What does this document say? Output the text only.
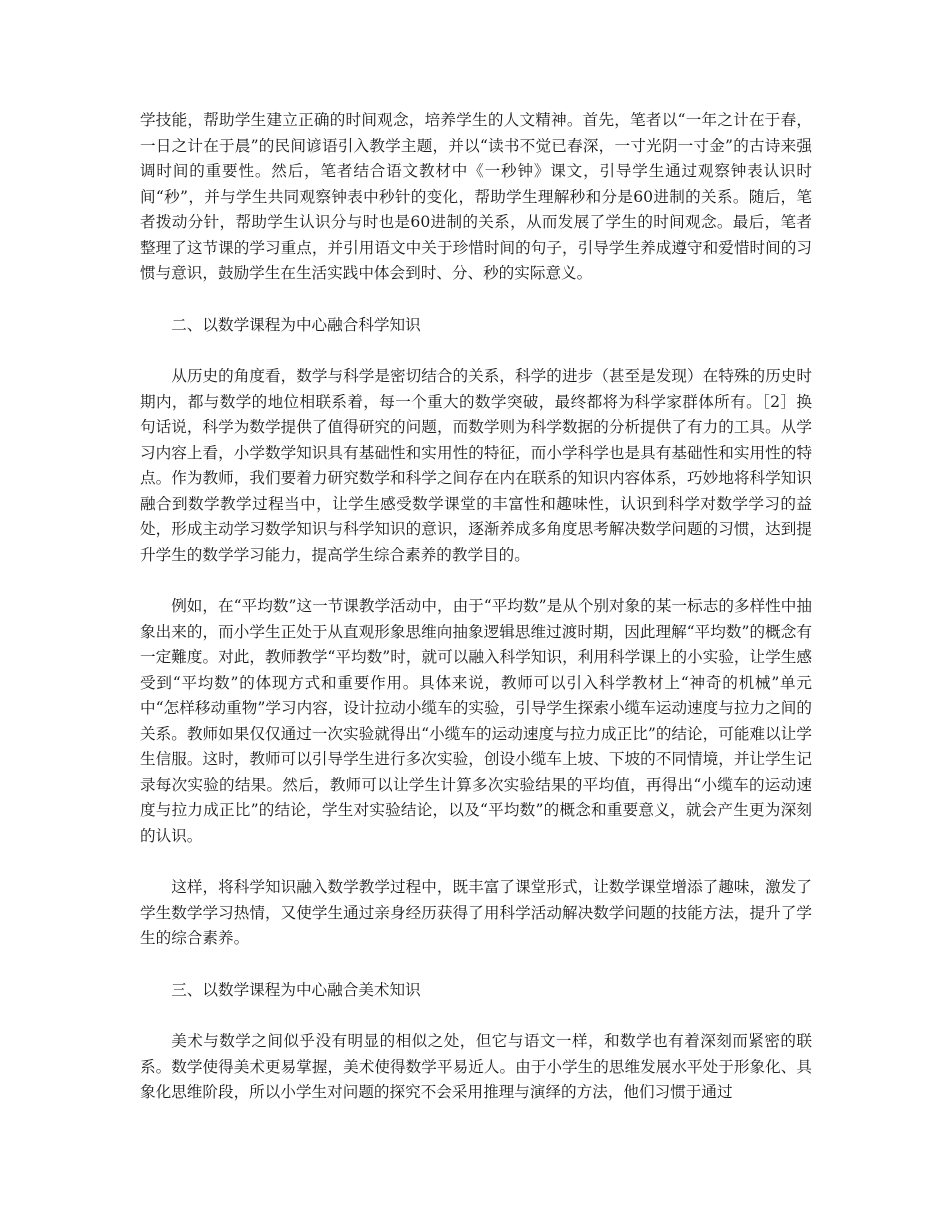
学技能，帮助学生建立正确的时间观念，培养学生的人文精神。首先，笔者以“一年之计在于春，一日之计在于晨”的民间谚语引入教学主题，并以“读书不觉已春深，一寸光阴一寸金”的古诗来强调时间的重要性。然后，笔者结合语文教材中《一秒钟》课文，引导学生通过观察钟表认识时间“秒”，并与学生共同观察钟表中秒针的变化，帮助学生理解秒和分是60进制的关系。随后，笔者拨动分针，帮助学生认识分与时也是60进制的关系，从而发展了学生的时间观念。最后，笔者整理了这节课的学习重点，并引用语文中关于珍惜时间的句子，引导学生养成遵守和爱惜时间的习惯与意识，鼓励学生在生活实践中体会到时、分、秒的实际意义。

二、以数学课程为中心融合科学知识

从历史的角度看，数学与科学是密切结合的关系，科学的进步（甚至是发现）在特殊的历史时期内，都与数学的地位相联系着，每一个重大的数学突破，最终都将为科学家群体所有。［2］换句话说，科学为数学提供了值得研究的问题，而数学则为科学数据的分析提供了有力的工具。从学习内容上看，小学数学知识具有基础性和实用性的特征，而小学科学也是具有基础性和实用性的特点。作为教师，我们要着力研究数学和科学之间存在内在联系的知识内容体系，巧妙地将科学知识融合到数学教学过程当中，让学生感受数学课堂的丰富性和趣味性，认识到科学对数学学习的益处，形成主动学习数学知识与科学知识的意识，逐渐养成多角度思考解决数学问题的习惯，达到提升学生的数学学习能力，提高学生综合素养的教学目的。

例如，在“平均数”这一节课教学活动中，由于“平均数”是从个别对象的某一标志的多样性中抽象出来的，而小学生正处于从直观形象思维向抽象逻辑思维过渡时期，因此理解“平均数”的概念有一定難度。对此，教师教学“平均数”时，就可以融入科学知识，利用科学课上的小实验，让学生感受到“平均数”的体现方式和重要作用。具体来说，教师可以引入科学教材上“神奇的机械”单元中“怎样移动重物”学习内容，设计拉动小缆车的实验，引导学生探索小缆车运动速度与拉力之间的关系。教师如果仅仅通过一次实验就得出“小缆车的运动速度与拉力成正比”的结论，可能难以让学生信服。这时，教师可以引导学生进行多次实验，创设小缆车上坡、下坡的不同情境，并让学生记录每次实验的结果。然后，教师可以让学生计算多次实验结果的平均值，再得出“小缆车的运动速度与拉力成正比”的结论，学生对实验结论，以及“平均数”的概念和重要意义，就会产生更为深刻的认识。

这样，将科学知识融入数学教学过程中，既丰富了课堂形式，让数学课堂增添了趣味，激发了学生数学学习热情，又使学生通过亲身经历获得了用科学活动解决数学问题的技能方法，提升了学生的综合素养。

三、以数学课程为中心融合美术知识

美术与数学之间似乎没有明显的相似之处，但它与语文一样，和数学也有着深刻而紧密的联系。数学使得美术更易掌握，美术使得数学平易近人。由于小学生的思维发展水平处于形象化、具象化思维阶段，所以小学生对问题的探究不会采用推理与演绎的方法，他们习惯于通过
